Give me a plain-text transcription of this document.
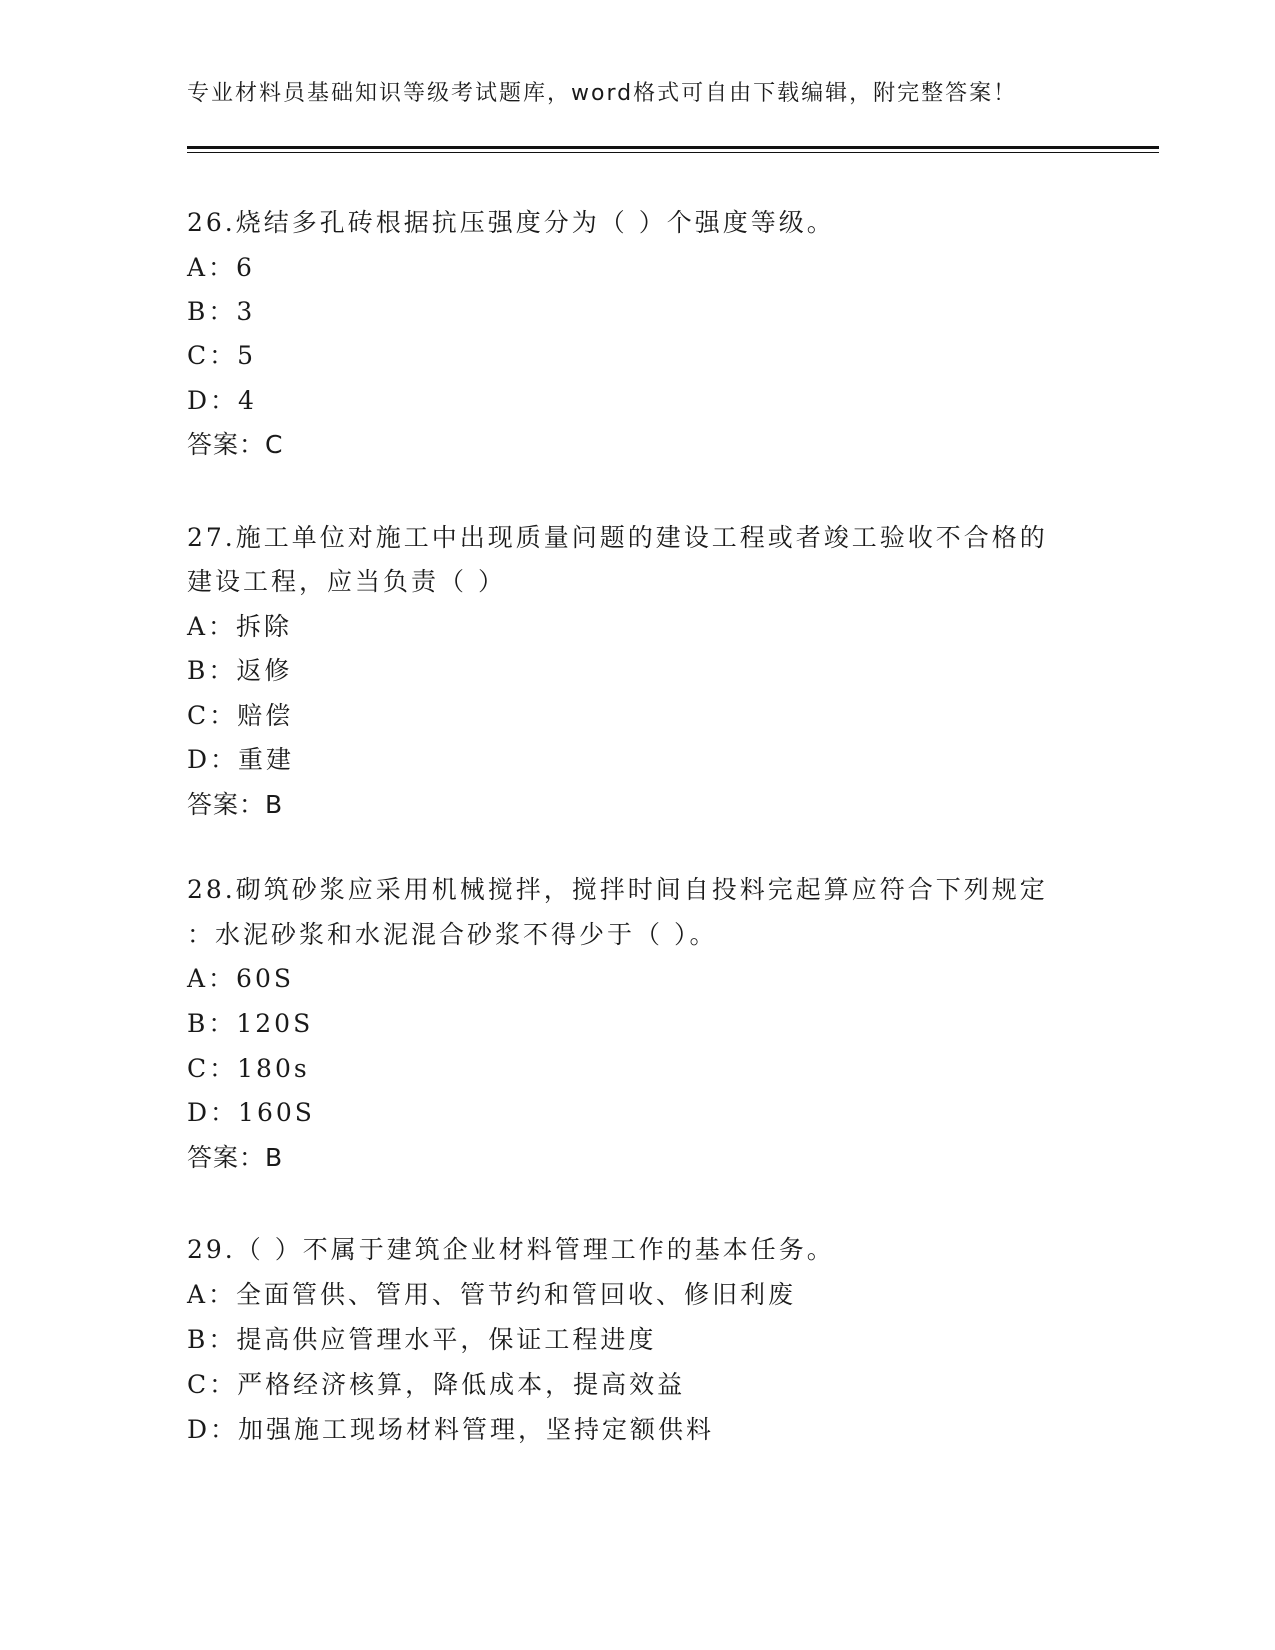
专业材料员基础知识等级考试题库，word格式可自由下载编辑，附完整答案！
26.烧结多孔砖根据抗压强度分为（ ）个强度等级。
A：6
B：3
C：5
D：4
答案：C
27.施工单位对施工中出现质量问题的建设工程或者竣工验收不合格的
建设工程，应当负责（ ）
A：拆除
B：返修
C：赔偿
D：重建
答案：B
28.砌筑砂浆应采用机械搅拌，搅拌时间自投料完起算应符合下列规定
：水泥砂浆和水泥混合砂浆不得少于（ ）。
A：60S
B：120S
C：180s
D：160S
答案：B
29.（ ）不属于建筑企业材料管理工作的基本任务。
A：全面管供、管用、管节约和管回收、修旧利废
B：提高供应管理水平，保证工程进度
C：严格经济核算，降低成本，提高效益
D：加强施工现场材料管理，坚持定额供料
